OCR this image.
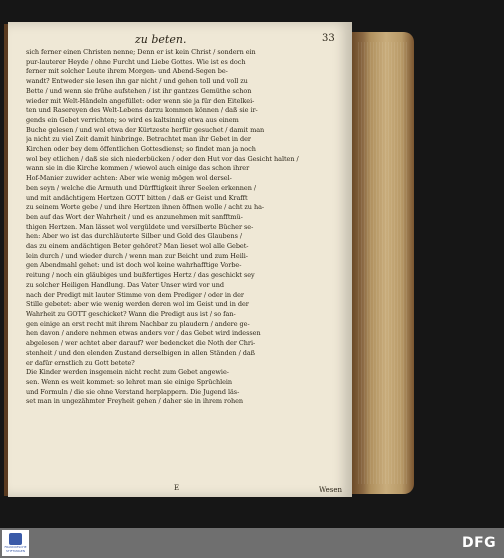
zu beten.	33
sich ferner einen Christen nenne; Denn er ist kein Christ / sondern ein
pur-lauterer Heyde / ohne Furcht und Liebe Gottes. Wie ist es doch
ferner mit solcher Leute ihrem Morgen- und Abend-Segen be-
wandt? Entweder sie lesen ihn gar nicht / und gehen toll und voll zu
Bette / und wenn sie frühe aufstehen / ist ihr gantzes Gemüthe schon
wieder mit Welt-Händeln angefüllet: oder wenn sie ja für den Eitelkei-
ten und Rasereyen des Welt-Lebens darzu kommen können / daß sie ir-
gends ein Gebet verrichten; so wird es kaltsinnig etwa aus einem
Buche gelesen / und wol etwa der Kürtzeste herfür gesuchet / damit man
ja nicht zu viel Zeit damit hinbringe. Betrachtet man ihr Gebet in der
Kirchen oder bey dem öffentlichen Gottesdienst; so findet man ja noch
wol bey etlichen / daß sie sich niederbücken / oder den Hut vor das Gesicht halten /
wann sie in die Kirche kommen / wiewol auch einige das schon ihrer
Hof-Manier zuwider achten: Aber wie wenig mögen wol dersel-
ben seyn / welche die Armuth und Dürfftigkeit ihrer Seelen erkennen /
und mit andächtigem Hertzen GOTT bitten / daß er Geist und Krafft
zu seinem Worte gebe / und ihre Hertzen ihnen öffnen wolle / acht zu ha-
ben auf das Wort der Wahrheit / und es anzunehmen mit sanfftmü-
thigen Hertzen. Man lässet wol vergüldete und versilberte Bücher se-
hen: Aber wo ist das durchläuterte Silber und Gold des Glaubens /
das zu einem andächtigen Beter gehöret? Man lieset wol alle Gebet-
lein durch / und wieder durch / wenn man zur Beicht und zum Heili-
gen Abendmahl gehet: und ist doch wol keine wahrhafftige Vorbe-
reitung / noch ein gläubiges und bußfertiges Hertz / das geschickt sey
zu solcher Heiligen Handlung. Das Vater Unser wird vor und
nach der Predigt mit lauter Stimme von dem Prediger / oder in der
Stille gebetet: aber wie wenig werden deren wol im Geist und in der
Wahrheit zu GOTT geschicket? Wann die Predigt aus ist / so fan-
gen einige an erst recht mit ihrem Nachbar zu plaudern / andere ge-
hen davon / andere nehmen etwas anders vor / das Gebet wird indessen
abgelesen / wer achtet aber darauf? wer bedencket die Noth der Chri-
stenheit / und den elenden Zustand derselbigen in allen Ständen / daß
er dafür ernstlich zu Gott betete?
Die Kinder werden insgemein nicht recht zum Gebet angewie-
sen. Wenn es weit kommet: so lehret man sie einige Sprüchlein
und Formuln / die sie ohne Verstand herplappern. Die Jugend läs-
set man in ungezähmter Freyheit gehen / daher sie in ihrem rohen
E	Wesen
FRANCKESCHE STIFTUNGEN	DFG
